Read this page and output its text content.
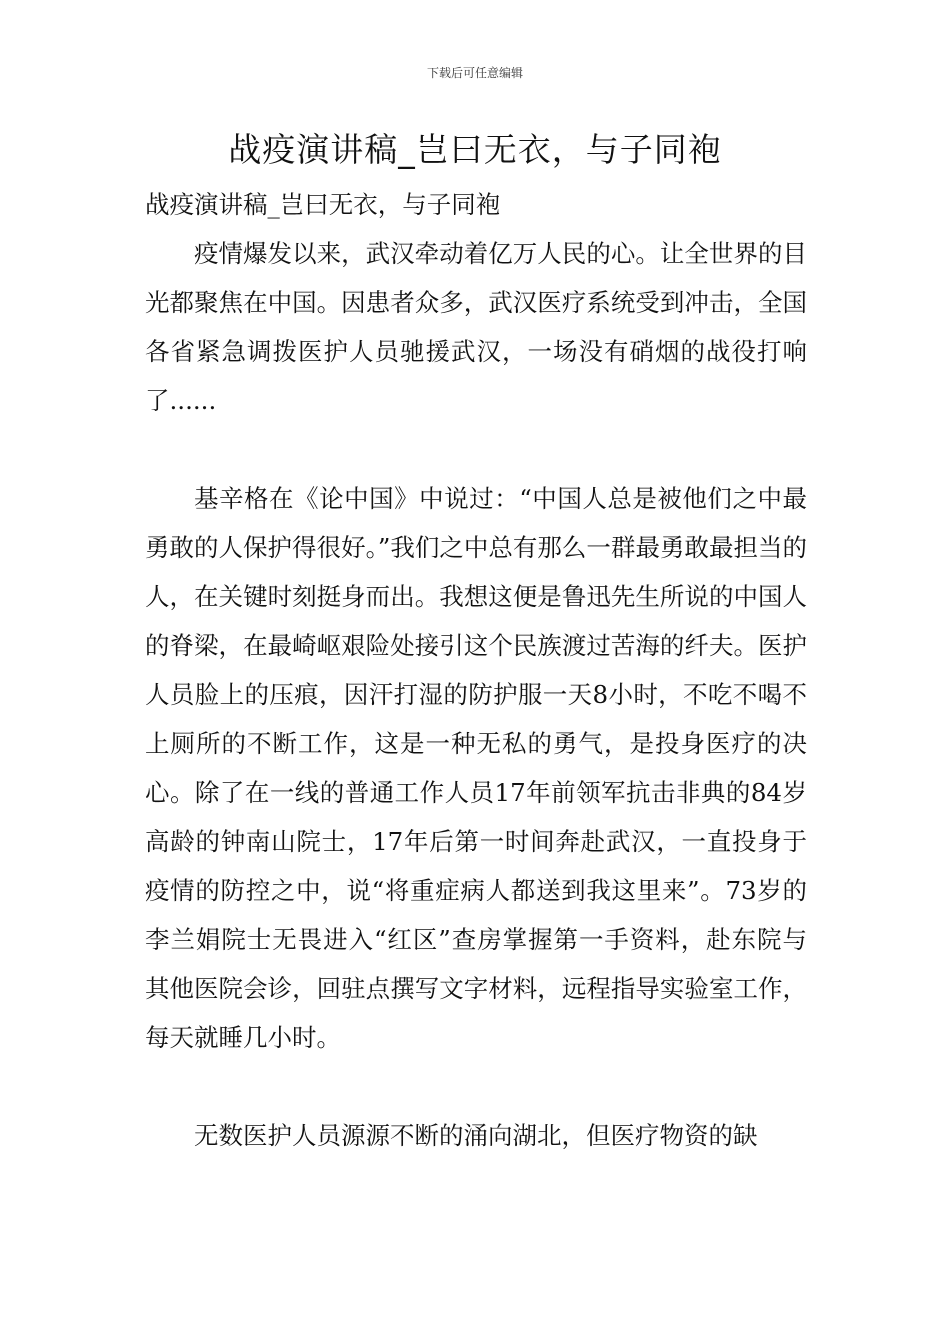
下载后可任意编辑
战疫演讲稿_岂曰无衣，与子同袍

战疫演讲稿_岂曰无衣，与子同袍

疫情爆发以来，武汉牵动着亿万人民的心。让全世界的目光都聚焦在中国。因患者众多，武汉医疗系统受到冲击，全国各省紧急调拨医护人员驰援武汉，一场没有硝烟的战役打响了......

基辛格在《论中国》中说过：“中国人总是被他们之中最勇敢的人保护得很好。”我们之中总有那么一群最勇敢最担当的人，在关键时刻挺身而出。我想这便是鲁迅先生所说的中国人的脊梁，在最崎岖艰险处接引这个民族渡过苦海的纤夫。医护人员脸上的压痕，因汗打湿的防护服一天8小时，不吃不喝不上厕所的不断工作，这是一种无私的勇气，是投身医疗的决心。除了在一线的普通工作人员17年前领军抗击非典的84岁高龄的钟南山院士，17年后第一时间奔赴武汉，一直投身于疫情的防控之中，说“将重症病人都送到我这里来”。73岁的李兰娟院士无畏进入“红区”查房掌握第一手资料，赴东院与其他医院会诊，回驻点撰写文字材料，远程指导实验室工作，每天就睡几小时。

无数医护人员源源不断的涌向湖北，但医疗物资的缺
